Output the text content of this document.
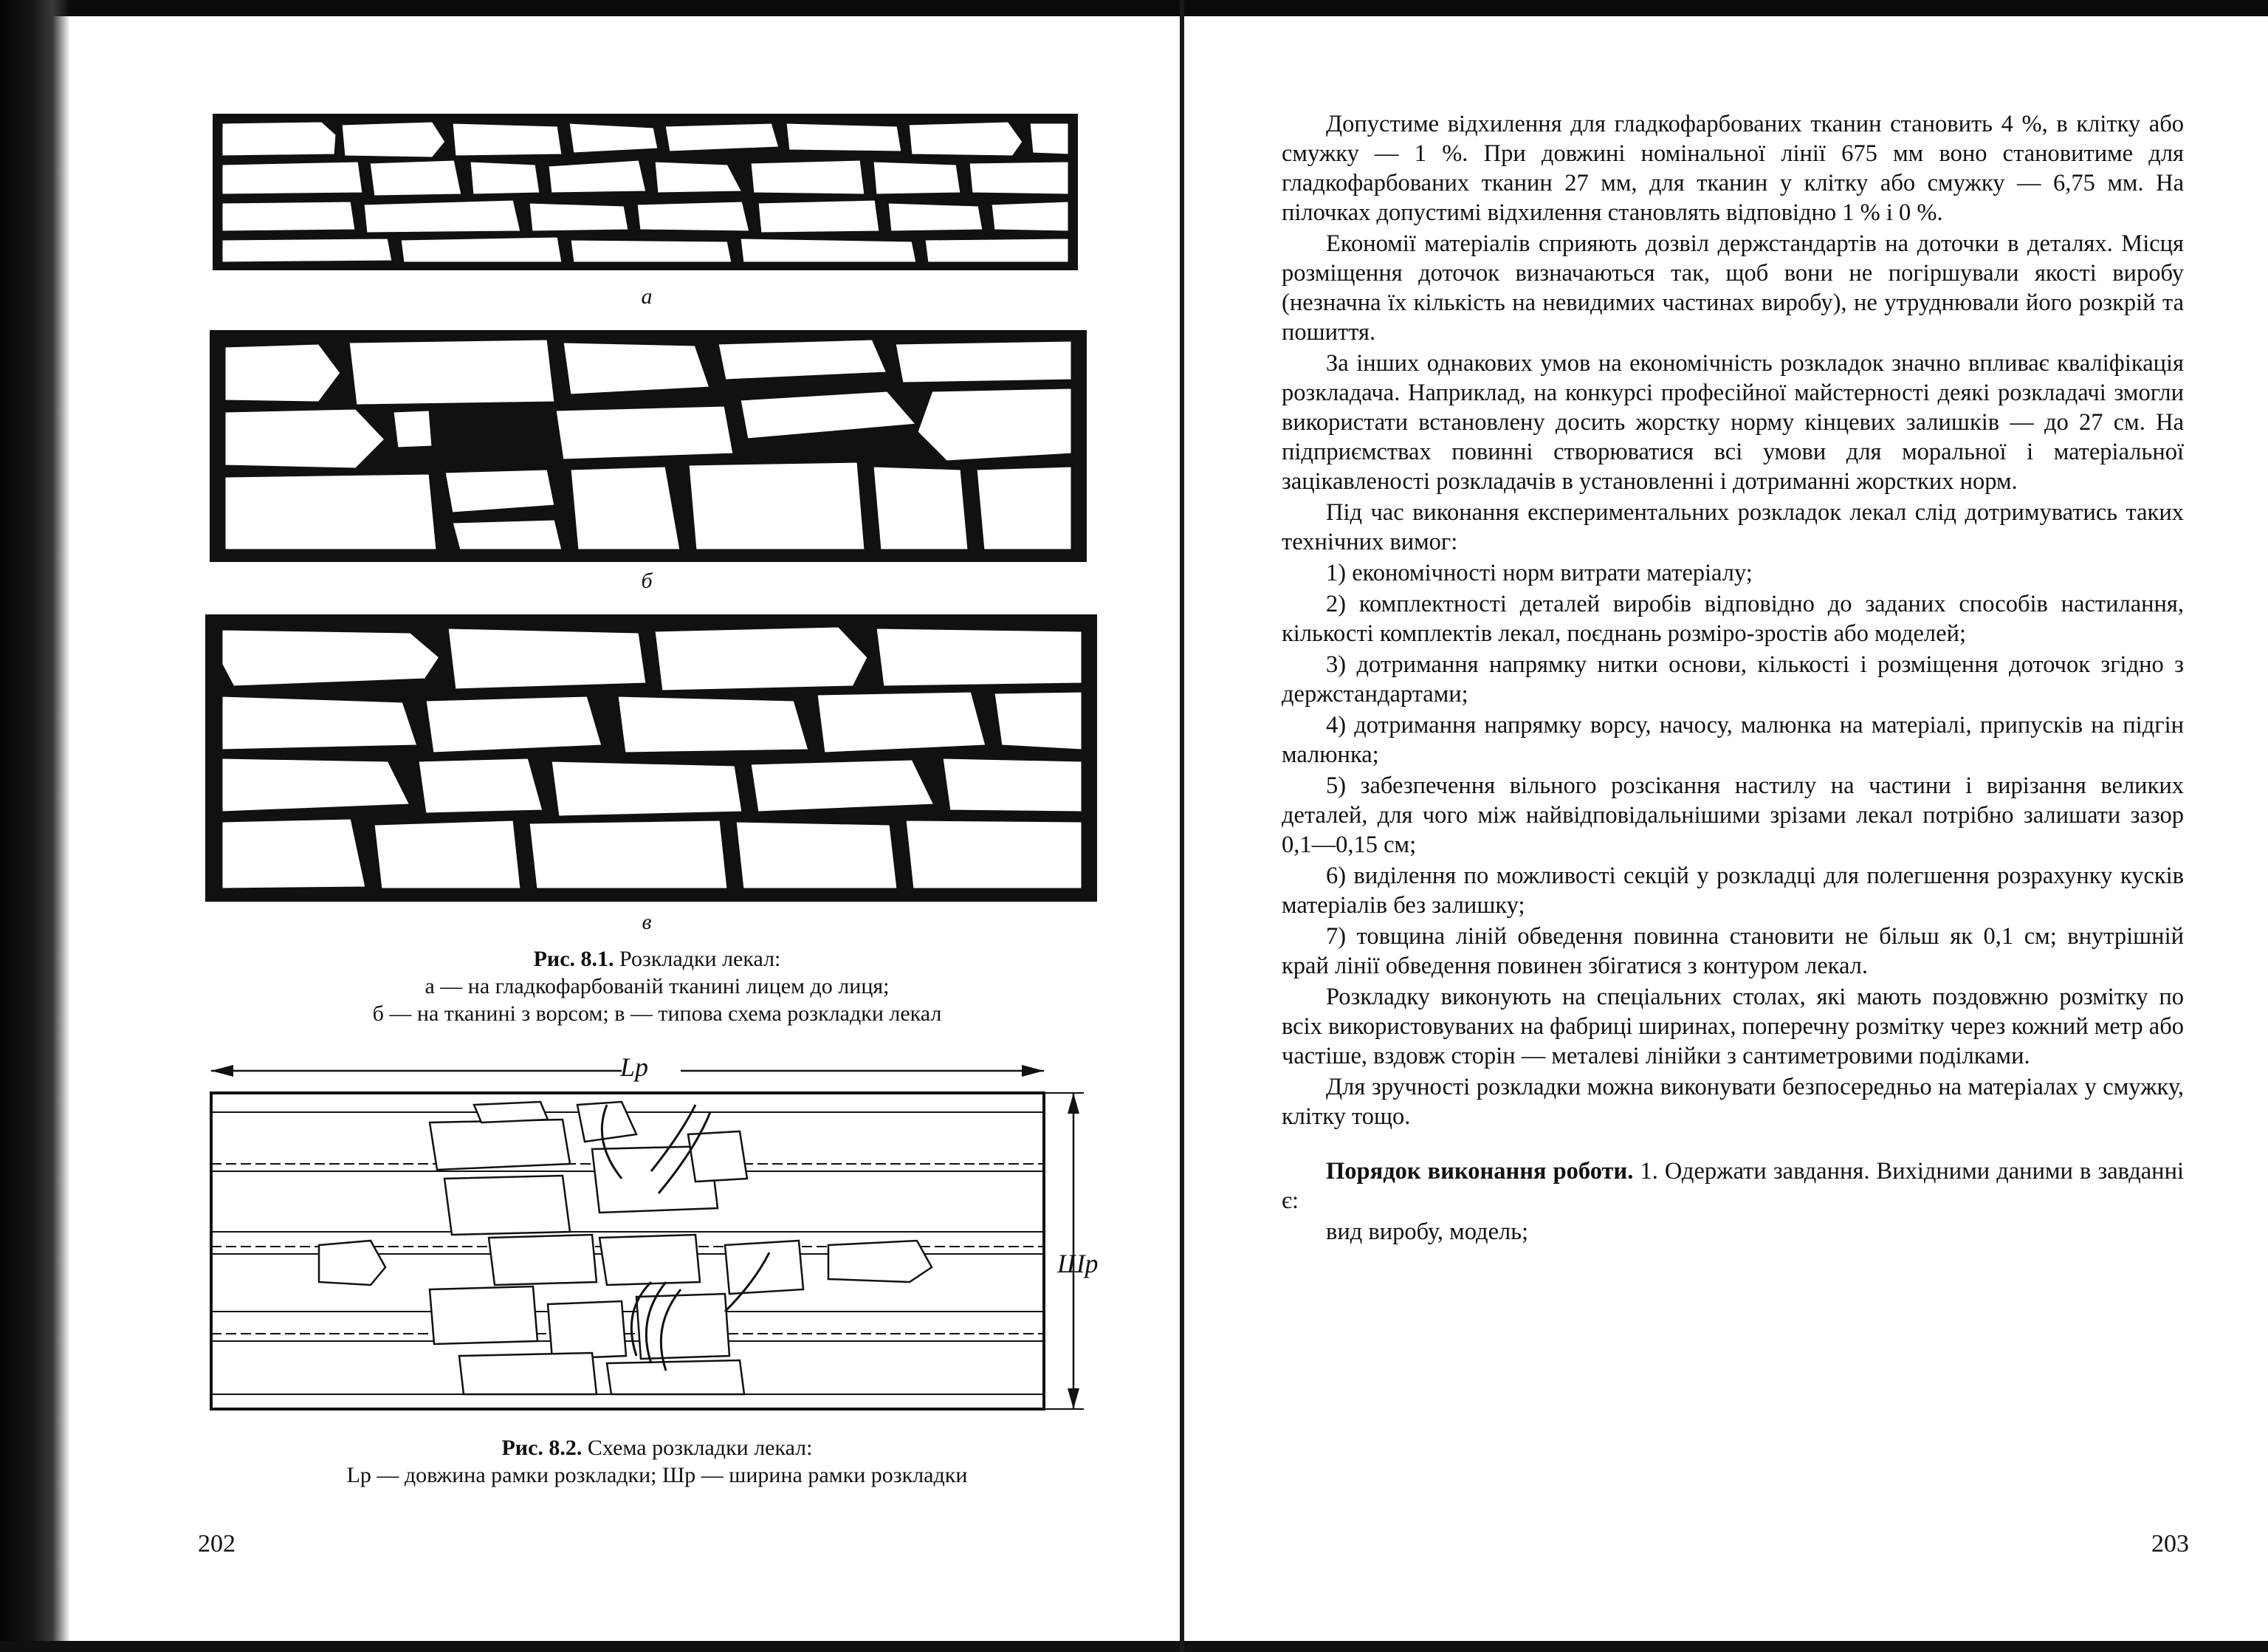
а
б
в
Рис. 8.1. Розкладки лекал:
а — на гладкофарбованій тканині лицем до лиця;
б — на тканині з ворсом; в — типова схема розкладки лекал
Lр
Шр
Рис. 8.2. Схема розкладки лекал:
Lр — довжина рамки розкладки; Шр — ширина рамки розкладки
202

Допустиме відхилення для гладкофарбованих тканин становить 4 %, в клітку або смужку — 1 %. При довжині номінальної лінії 675 мм воно становитиме для гладкофарбованих тканин 27 мм, для тканин у клітку або смужку — 6,75 мм. На пілочках допустимі відхилення становлять відповідно 1 % і 0 %.

Економії матеріалів сприяють дозвіл держстандартів на доточки в деталях. Місця розміщення доточок визначаються так, щоб вони не погіршували якості виробу (незначна їх кількість на невидимих частинах виробу), не утруднювали його розкрій та пошиття.

За інших однакових умов на економічність розкладок значно впливає кваліфікація розкладача. Наприклад, на конкурсі професійної майстерності деякі розкладачі змогли використати встановлену досить жорстку норму кінцевих залишків — до 27 см. На підприємствах повинні створюватися всі умови для моральної і матеріальної зацікавленості розкладачів в установленні і дотриманні жорстких норм.

Під час виконання експериментальних розкладок лекал слід дотримуватись таких технічних вимог:

1) економічності норм витрати матеріалу;

2) комплектності деталей виробів відповідно до заданих способів настилання, кількості комплектів лекал, поєднань розміро-зростів або моделей;

3) дотримання напрямку нитки основи, кількості і розміщення доточок згідно з держстандартами;

4) дотримання напрямку ворсу, начосу, малюнка на матеріалі, припусків на підгін малюнка;

5) забезпечення вільного розсікання настилу на частини і вирізання великих деталей, для чого між найвідповідальнішими зрізами лекал потрібно залишати зазор 0,1—0,15 см;

6) виділення по можливості секцій у розкладці для полегшення розрахунку кусків матеріалів без залишку;

7) товщина ліній обведення повинна становити не більш як 0,1 см; внутрішній край лінії обведення повинен збігатися з контуром лекал.

Розкладку виконують на спеціальних столах, які мають поздовжню розмітку по всіх використовуваних на фабриці ширинах, поперечну розмітку через кожний метр або частіше, вздовж сторін — металеві лінійки з сантиметровими поділками.

Для зручності розкладки можна виконувати безпосередньо на матеріалах у смужку, клітку тощо.

Порядок виконання роботи. 1. Одержати завдання. Вихідними даними в завданні є:

вид виробу, модель;

203
